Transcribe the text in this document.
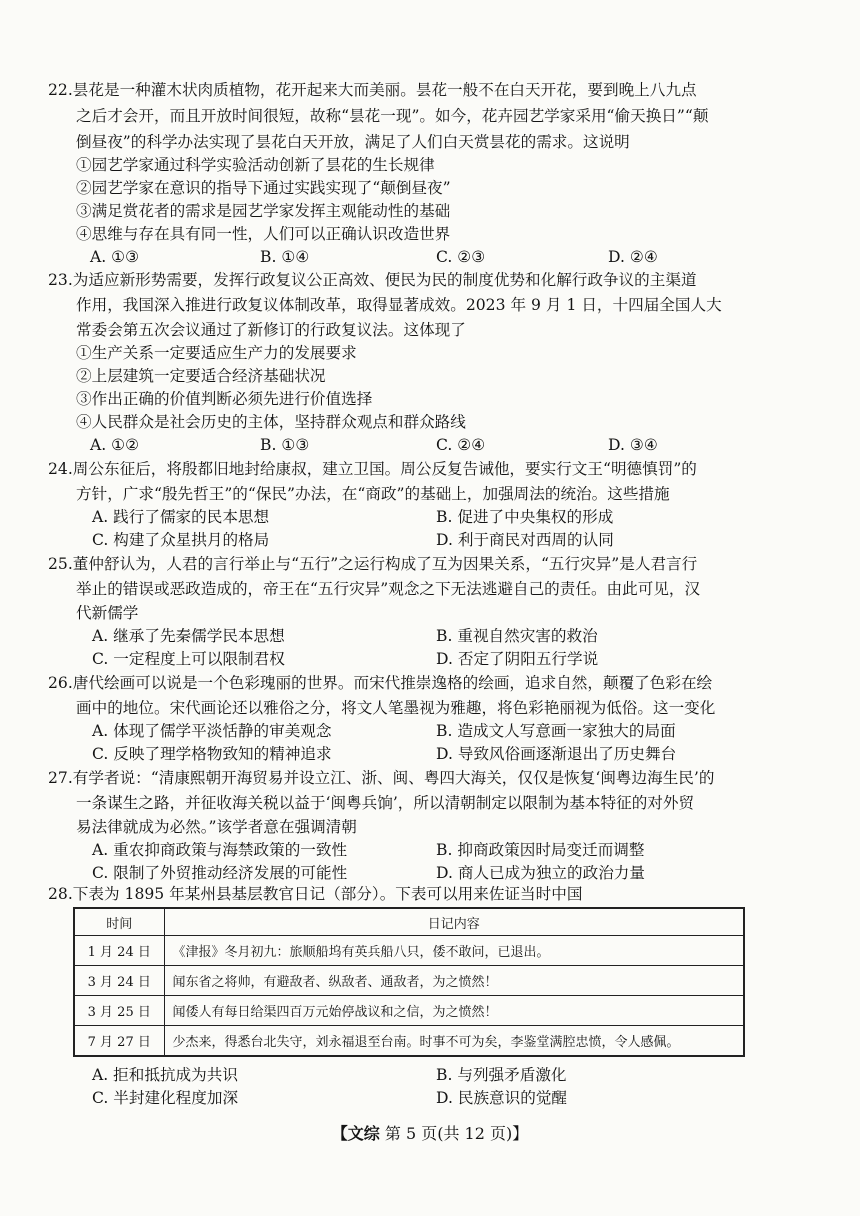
22.昙花是一种灌木状肉质植物，花开起来大而美丽。昙花一般不在白天开花，要到晚上八九点
之后才会开，而且开放时间很短，故称“昙花一现”。如今，花卉园艺学家采用“偷天换日”“颠
倒昼夜”的科学办法实现了昙花白天开放，满足了人们白天赏昙花的需求。这说明
①园艺学家通过科学实验活动创新了昙花的生长规律
②园艺学家在意识的指导下通过实践实现了“颠倒昼夜”
③满足赏花者的需求是园艺学家发挥主观能动性的基础
④思维与存在具有同一性，人们可以正确认识改造世界
A. ①③	B. ①④	C. ②③	D. ②④
23.为适应新形势需要，发挥行政复议公正高效、便民为民的制度优势和化解行政争议的主渠道
作用，我国深入推进行政复议体制改革，取得显著成效。2023 年 9 月 1 日，十四届全国人大
常委会第五次会议通过了新修订的行政复议法。这体现了
①生产关系一定要适应生产力的发展要求
②上层建筑一定要适合经济基础状况
③作出正确的价值判断必须先进行价值选择
④人民群众是社会历史的主体，坚持群众观点和群众路线
A. ①②	B. ①③	C. ②④	D. ③④
24.周公东征后，将殷都旧地封给康叔，建立卫国。周公反复告诫他，要实行文王“明德慎罚”的
方针，广求“殷先哲王”的“保民”办法，在“商政”的基础上，加强周法的统治。这些措施
A. 践行了儒家的民本思想	B. 促进了中央集权的形成
C. 构建了众星拱月的格局	D. 利于商民对西周的认同
25.董仲舒认为，人君的言行举止与“五行”之运行构成了互为因果关系，“五行灾异”是人君言行
举止的错误或恶政造成的，帝王在“五行灾异”观念之下无法逃避自己的责任。由此可见，汉
代新儒学
A. 继承了先秦儒学民本思想	B. 重视自然灾害的救治
C. 一定程度上可以限制君权	D. 否定了阴阳五行学说
26.唐代绘画可以说是一个色彩瑰丽的世界。而宋代推崇逸格的绘画，追求自然，颠覆了色彩在绘
画中的地位。宋代画论还以雅俗之分，将文人笔墨视为雅趣，将色彩艳丽视为低俗。这一变化
A. 体现了儒学平淡恬静的审美观念	B. 造成文人写意画一家独大的局面
C. 反映了理学格物致知的精神追求	D. 导致风俗画逐渐退出了历史舞台
27.有学者说：“清康熙朝开海贸易并设立江、浙、闽、粤四大海关，仅仅是恢复‘闽粤边海生民’的
一条谋生之路，并征收海关税以益于‘闽粤兵饷’，所以清朝制定以限制为基本特征的对外贸
易法律就成为必然。”该学者意在强调清朝
A. 重农抑商政策与海禁政策的一致性	B. 抑商政策因时局变迁而调整
C. 限制了外贸推动经济发展的可能性	D. 商人已成为独立的政治力量
28.下表为 1895 年某州县基层教官日记（部分）。下表可以用来佐证当时中国
时间	日记内容
1 月 24 日	《津报》冬月初九：旅顺船坞有英兵船八只，倭不敢问，已退出。
3 月 24 日	闻东省之将帅，有避敌者、纵敌者、通敌者，为之愤然！
3 月 25 日	闻倭人有每日给渠四百万元始停战议和之信，为之愤然！
7 月 27 日	少杰来，得悉台北失守，刘永福退至台南。时事不可为矣，李鉴堂满腔忠愤，令人感佩。
A. 拒和抵抗成为共识	B. 与列强矛盾激化
C. 半封建化程度加深	D. 民族意识的觉醒
【文综 第 5 页(共 12 页)】
